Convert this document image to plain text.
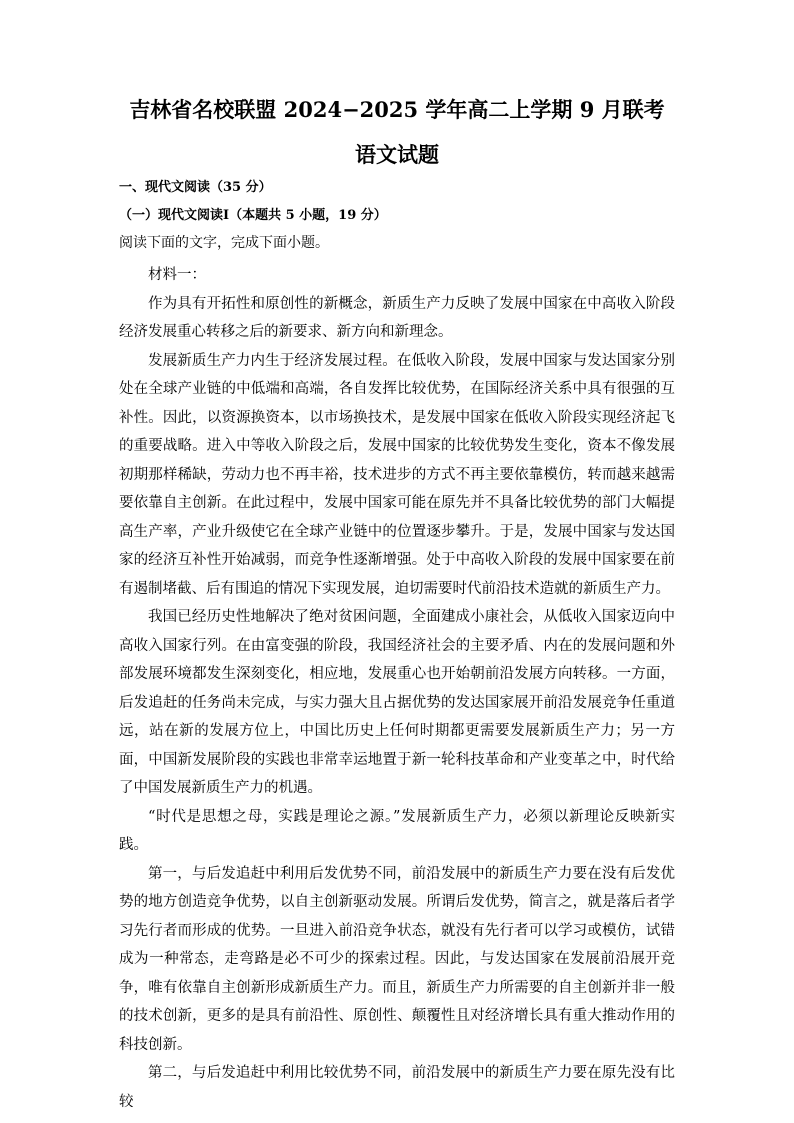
吉林省名校联盟 2024−2025 学年高二上学期 9 月联考
语文试题
一、现代文阅读（35 分）
（一）现代文阅读Ⅰ（本题共 5 小题，19 分）
阅读下面的文字，完成下面小题。

材料一：

作为具有开拓性和原创性的新概念，新质生产力反映了发展中国家在中高收入阶段经济发展重心转移之后的新要求、新方向和新理念。

发展新质生产力内生于经济发展过程。在低收入阶段，发展中国家与发达国家分别处在全球产业链的中低端和高端，各自发挥比较优势，在国际经济关系中具有很强的互补性。因此，以资源换资本，以市场换技术，是发展中国家在低收入阶段实现经济起飞的重要战略。进入中等收入阶段之后，发展中国家的比较优势发生变化，资本不像发展初期那样稀缺，劳动力也不再丰裕，技术进步的方式不再主要依靠模仿，转而越来越需要依靠自主创新。在此过程中，发展中国家可能在原先并不具备比较优势的部门大幅提高生产率，产业升级使它在全球产业链中的位置逐步攀升。于是，发展中国家与发达国家的经济互补性开始减弱，而竞争性逐渐增强。处于中高收入阶段的发展中国家要在前有遏制堵截、后有围追的情况下实现发展，迫切需要时代前沿技术造就的新质生产力。

我国已经历史性地解决了绝对贫困问题，全面建成小康社会，从低收入国家迈向中高收入国家行列。在由富变强的阶段，我国经济社会的主要矛盾、内在的发展问题和外部发展环境都发生深刻变化，相应地，发展重心也开始朝前沿发展方向转移。一方面，后发追赶的任务尚未完成，与实力强大且占据优势的发达国家展开前沿发展竞争任重道远，站在新的发展方位上，中国比历史上任何时期都更需要发展新质生产力；另一方面，中国新发展阶段的实践也非常幸运地置于新一轮科技革命和产业变革之中，时代给了中国发展新质生产力的机遇。

“时代是思想之母，实践是理论之源。”发展新质生产力，必须以新理论反映新实践。

第一，与后发追赶中利用后发优势不同，前沿发展中的新质生产力要在没有后发优势的地方创造竞争优势，以自主创新驱动发展。所谓后发优势，简言之，就是落后者学习先行者而形成的优势。一旦进入前沿竞争状态，就没有先行者可以学习或模仿，试错成为一种常态，走弯路是必不可少的探索过程。因此，与发达国家在发展前沿展开竞争，唯有依靠自主创新形成新质生产力。而且，新质生产力所需要的自主创新并非一般的技术创新，更多的是具有前沿性、原创性、颠覆性且对经济增长具有重大推动作用的科技创新。

第二，与后发追赶中利用比较优势不同，前沿发展中的新质生产力要在原先没有比较
